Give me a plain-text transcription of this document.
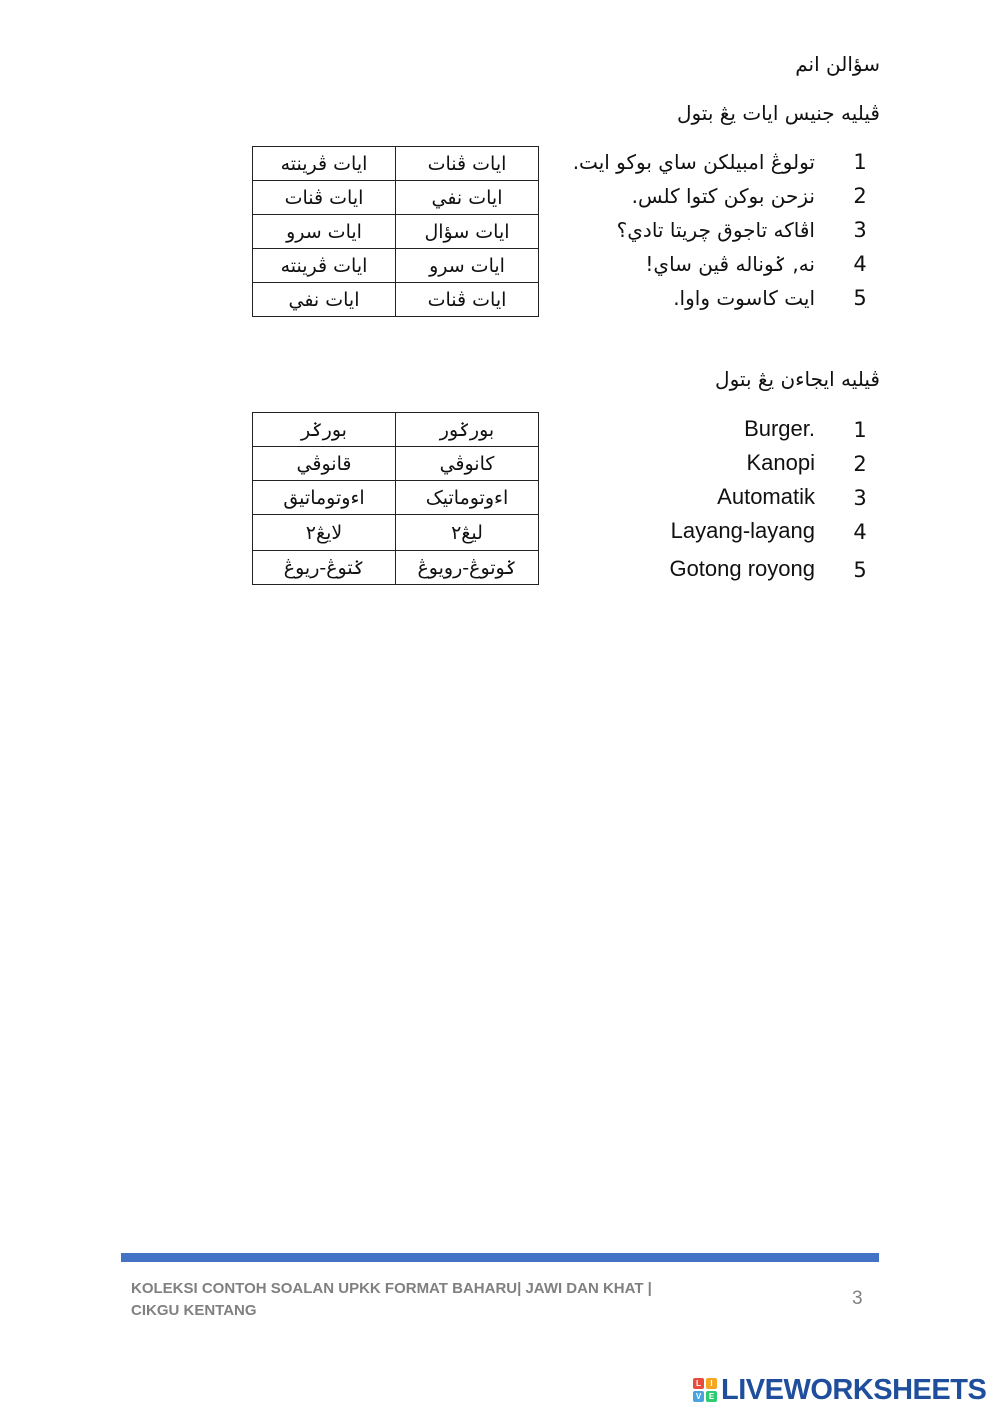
سؤالن انم
ڤيليه جنيس ايات يڠ بتول
1
تولوڠ امبيلكن ساي بوكو ايت.
2
نزحن بوكن كتوا كلس.
3
اڤاكه تاجوق چريتا تادي؟
4
نه, ݢوناله ڤين ساي!
5
ايت كاسوت واوا.
ايات ڤرينته	ايات ڤنات
ايات ڤنات	ايات نفي
ايات سرو	ايات سؤال
ايات ڤرينته	ايات سرو
ايات نفي	ايات ڤنات
ڤيليه ايجاءن يڠ بتول
1
Burger.
2
Kanopi
3
Automatik
4
Layang-layang
5
Gotong royong
بورݢر	بورݢور
قانوڤي	كانوڤي
اءوتوماتيق	اءوتوماتيک
لايڠ٢	ليڠ٢
ݢتوڠ-ريوڠ	ݢوتوڠ-رويوڠ
KOLEKSI CONTOH SOALAN UPKK FORMAT BAHARU| JAWI DAN KHAT |
CIKGU KENTANG
3
L	I
V E LIVEWORKSHEETS
